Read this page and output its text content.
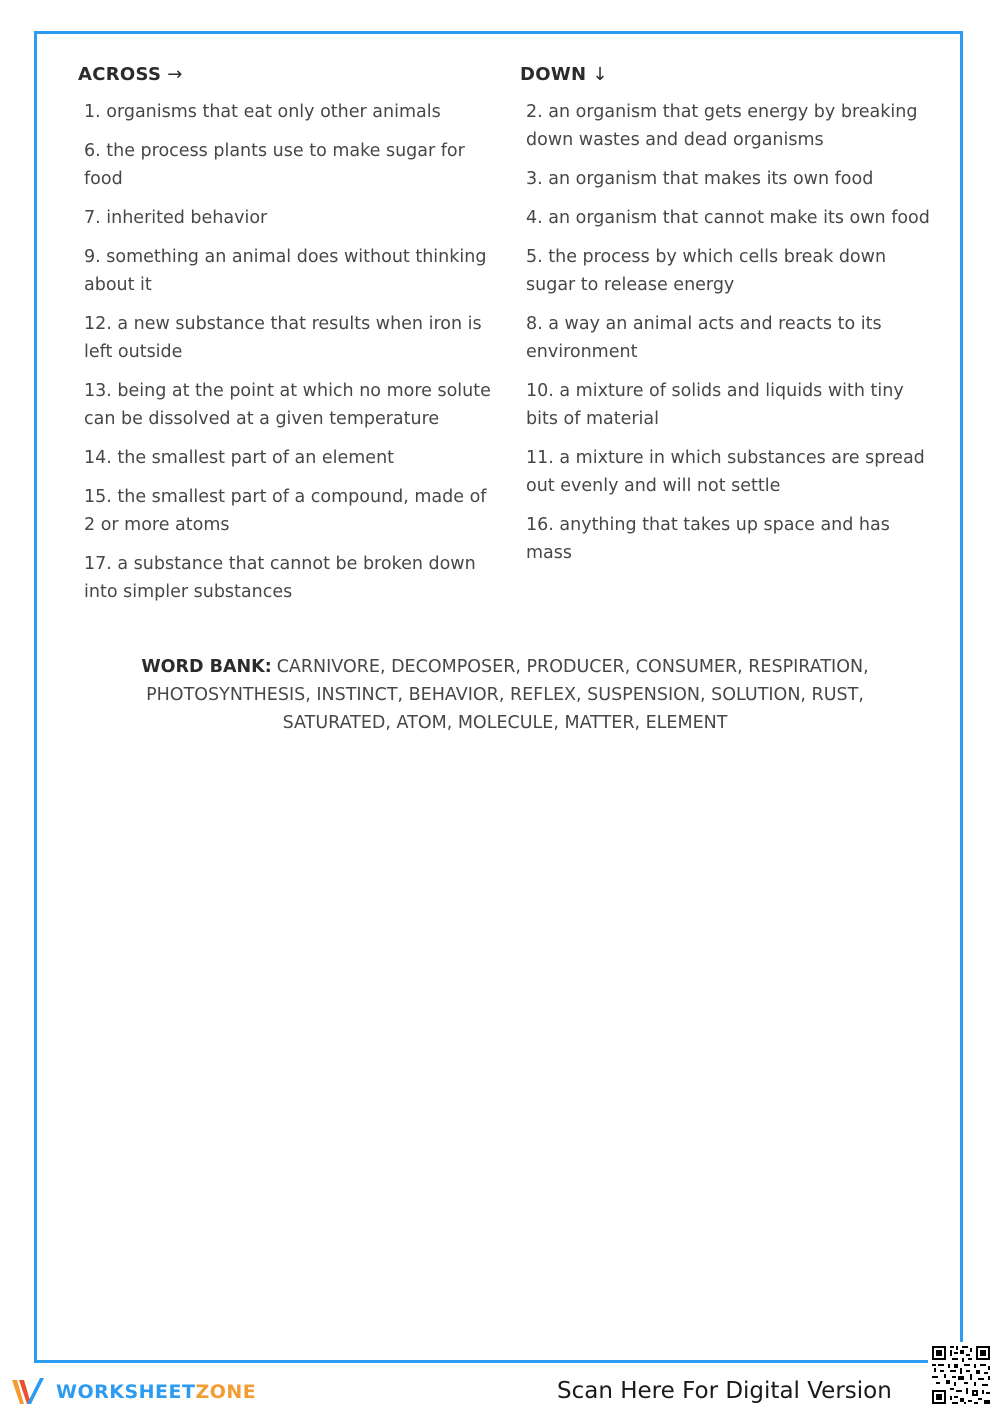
ACROSS →
1. organisms that eat only other animals
6. the process plants use to make sugar for food
7. inherited behavior
9. something an animal does without thinking about it
12. a new substance that results when iron is left outside
13. being at the point at which no more solute can be dissolved at a given temperature
14. the smallest part of an element
15. the smallest part of a compound, made of 2 or more atoms
17. a substance that cannot be broken down into simpler substances
DOWN ↓
2. an organism that gets energy by breaking down wastes and dead organisms
3. an organism that makes its own food
4. an organism that cannot make its own food
5. the process by which cells break down sugar to release energy
8. a way an animal acts and reacts to its environment
10. a mixture of solids and liquids with tiny bits of material
11. a mixture in which substances are spread out evenly and will not settle
16. anything that takes up space and has mass
WORD BANK: CARNIVORE, DECOMPOSER, PRODUCER, CONSUMER, RESPIRATION, PHOTOSYNTHESIS, INSTINCT, BEHAVIOR, REFLEX, SUSPENSION, SOLUTION, RUST, SATURATED, ATOM, MOLECULE, MATTER, ELEMENT
WORKSHEET ZONE	Scan Here For Digital Version
